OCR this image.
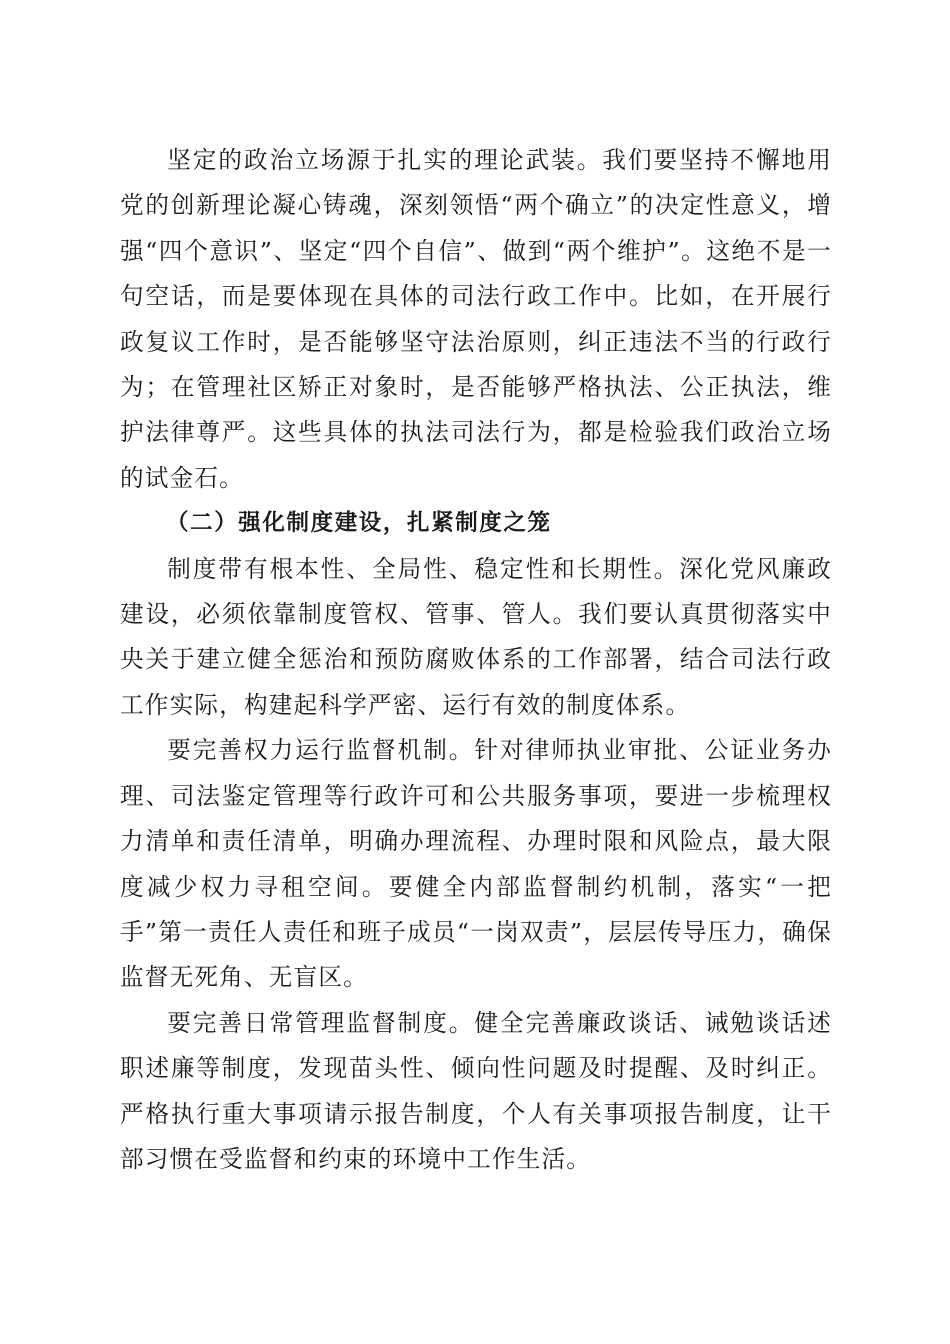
坚定的政治立场源于扎实的理论武装。我们要坚持不懈地用党的创新理论凝心铸魂，深刻领悟“两个确立”的决定性意义，增强“四个意识”、坚定“四个自信”、做到“两个维护”。这绝不是一句空话，而是要体现在具体的司法行政工作中。比如，在开展行政复议工作时，是否能够坚守法治原则，纠正违法不当的行政行为；在管理社区矫正对象时，是否能够严格执法、公正执法，维护法律尊严。这些具体的执法司法行为，都是检验我们政治立场的试金石。

（二）强化制度建设，扎紧制度之笼

制度带有根本性、全局性、稳定性和长期性。深化党风廉政建设，必须依靠制度管权、管事、管人。我们要认真贯彻落实中央关于建立健全惩治和预防腐败体系的工作部署，结合司法行政工作实际，构建起科学严密、运行有效的制度体系。

要完善权力运行监督机制。针对律师执业审批、公证业务办理、司法鉴定管理等行政许可和公共服务事项，要进一步梳理权力清单和责任清单，明确办理流程、办理时限和风险点，最大限度减少权力寻租空间。要健全内部监督制约机制，落实“一把手”第一责任人责任和班子成员“一岗双责”，层层传导压力，确保监督无死角、无盲区。

要完善日常管理监督制度。健全完善廉政谈话、诫勉谈话述职述廉等制度，发现苗头性、倾向性问题及时提醒、及时纠正。严格执行重大事项请示报告制度，个人有关事项报告制度，让干部习惯在受监督和约束的环境中工作生活。
